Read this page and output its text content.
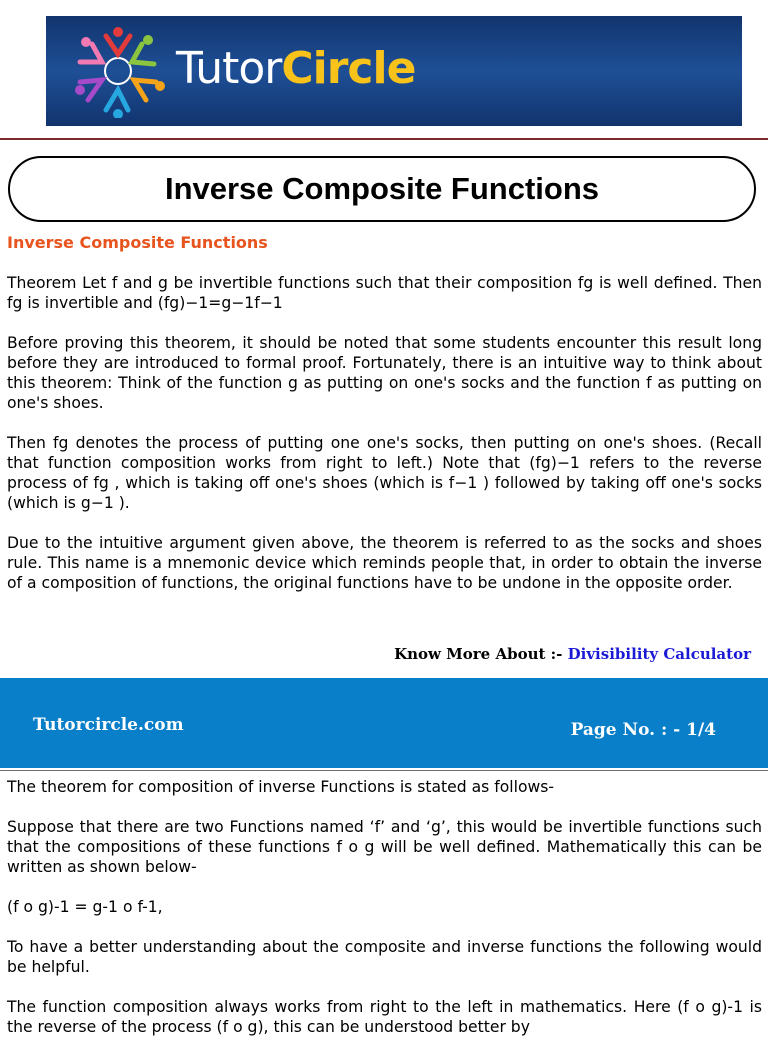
TutorCircle
Inverse Composite Functions
Inverse Composite Functions

Theorem Let f and g be invertible functions such that their composition fg is well defined. Then fg is invertible and (fg)−1=g−1f−1

Before proving this theorem, it should be noted that some students encounter this result long before they are introduced to formal proof. Fortunately, there is an intuitive way to think about this theorem: Think of the function g as putting on one's socks and the function f as putting on one's shoes.

Then fg denotes the process of putting one one's socks, then putting on one's shoes. (Recall that function composition works from right to left.) Note that (fg)−1 refers to the reverse process of fg , which is taking off one's shoes (which is f−1 ) followed by taking off one's socks (which is g−1 ).

Due to the intuitive argument given above, the theorem is referred to as the socks and shoes rule. This name is a mnemonic device which reminds people that, in order to obtain the inverse of a composition of functions, the original functions have to be undone in the opposite order.

Know More About :- Divisibility Calculator
Tutorcircle.com	Page No. : - 1/4

The theorem for composition of inverse Functions is stated as follows-

Suppose that there are two Functions named ‘f’ and ‘g’, this would be invertible functions such that the compositions of these functions f o g will be well defined. Mathematically this can be written as shown below-

(f o g)-1 = g-1 o f-1,

To have a better understanding about the composite and inverse functions the following would be helpful.

The function composition always works from right to the left in mathematics. Here (f o g)-1 is the reverse of the process (f o g), this can be understood better by
